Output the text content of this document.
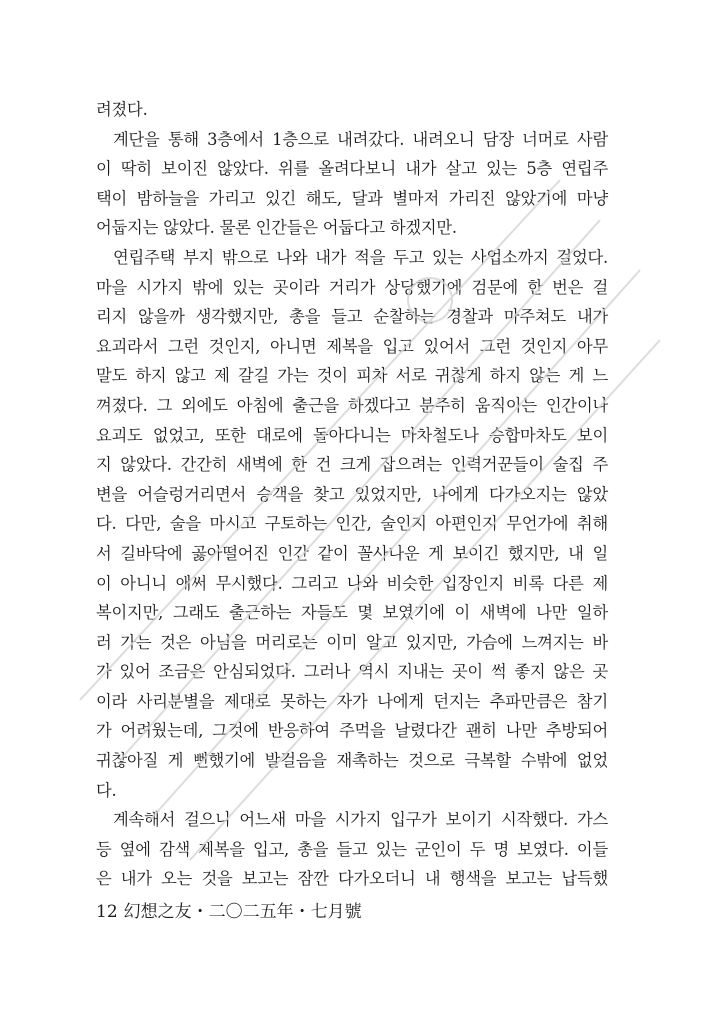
려졌다.
계단을 통해 3층에서 1층으로 내려갔다. 내려오니 담장 너머로 사람
이 딱히 보이진 않았다. 위를 올려다보니 내가 살고 있는 5층 연립주
택이 밤하늘을 가리고 있긴 해도, 달과 별마저 가리진 않았기에 마냥
어둡지는 않았다. 물론 인간들은 어둡다고 하겠지만.
연립주택 부지 밖으로 나와 내가 적을 두고 있는 사업소까지 걸었다.
마을 시가지 밖에 있는 곳이라 거리가 상당했기에 검문에 한 번은 걸
리지 않을까 생각했지만, 총을 들고 순찰하는 경찰과 마주쳐도 내가
요괴라서 그런 것인지, 아니면 제복을 입고 있어서 그런 것인지 아무
말도 하지 않고 제 갈길 가는 것이 피차 서로 귀찮게 하지 않는 게 느
껴졌다. 그 외에도 아침에 출근을 하겠다고 분주히 움직이는 인간이나
요괴도 없었고, 또한 대로에 돌아다니는 마차철도나 승합마차도 보이
지 않았다. 간간히 새벽에 한 건 크게 잡으려는 인력거꾼들이 술집 주
변을 어슬렁거리면서 승객을 찾고 있었지만, 나에게 다가오지는 않았
다. 다만, 술을 마시고 구토하는 인간, 술인지 아편인지 무언가에 취해
서 길바닥에 곯아떨어진 인간 같이 꼴사나운 게 보이긴 했지만, 내 일
이 아니니 애써 무시했다. 그리고 나와 비슷한 입장인지 비록 다른 제
복이지만, 그래도 출근하는 자들도 몇 보였기에 이 새벽에 나만 일하
러 가는 것은 아님을 머리로는 이미 알고 있지만, 가슴에 느껴지는 바
가 있어 조금은 안심되었다. 그러나 역시 지내는 곳이 썩 좋지 않은 곳
이라 사리분별을 제대로 못하는 자가 나에게 던지는 추파만큼은 참기
가 어려웠는데, 그것에 반응하여 주먹을 날렸다간 괜히 나만 추방되어
귀찮아질 게 뻔했기에 발걸음을 재촉하는 것으로 극복할 수밖에 없었
다.
계속해서 걸으니 어느새 마을 시가지 입구가 보이기 시작했다. 가스
등 옆에 감색 제복을 입고, 총을 들고 있는 군인이 두 명 보였다. 이들
은 내가 오는 것을 보고는 잠깐 다가오더니 내 행색을 보고는 납득했
12 幻想之友・二〇二五年・七月號
